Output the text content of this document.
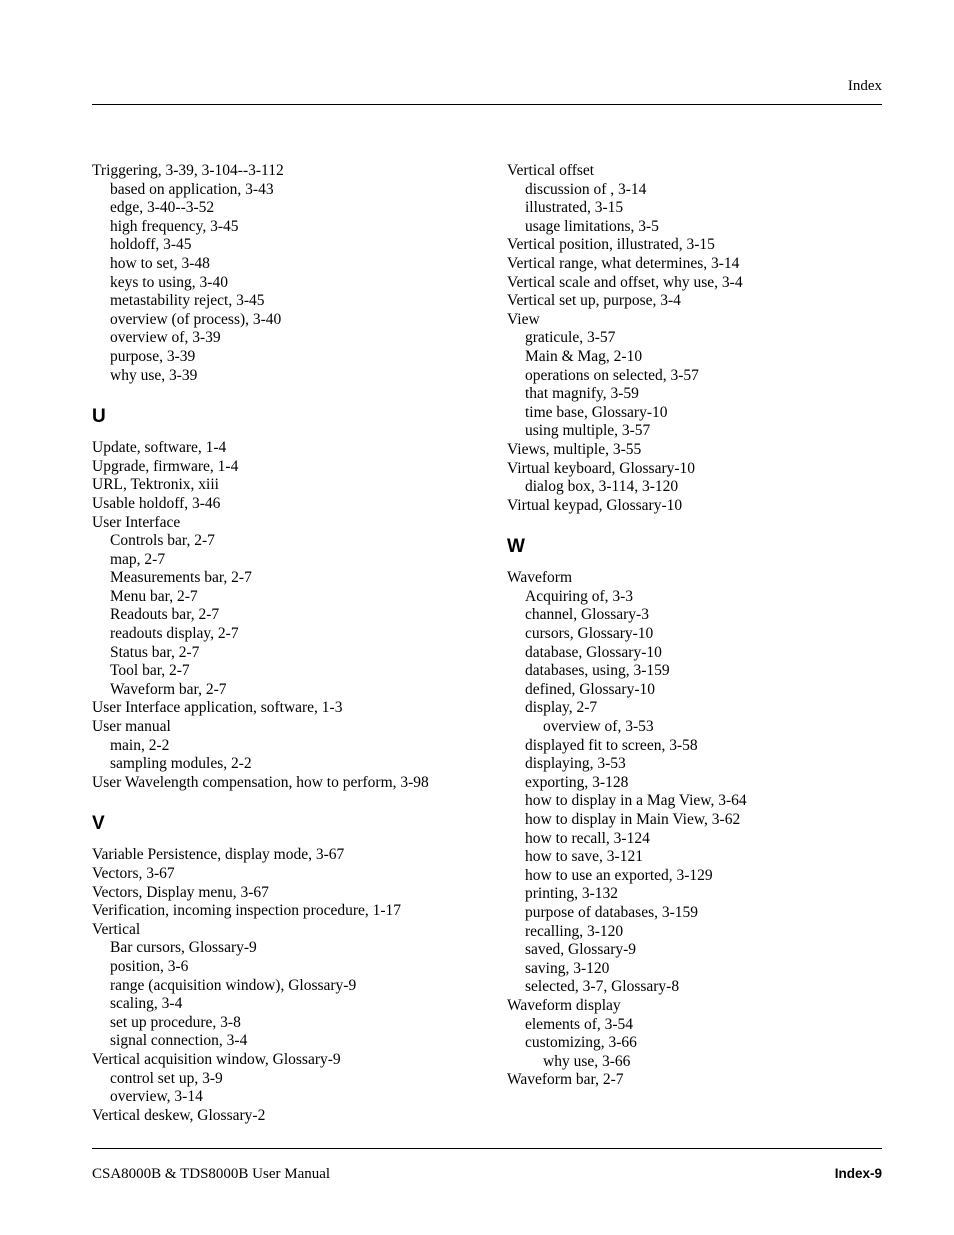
Index
Triggering, 3-39, 3-104--3-112
based on application, 3-43
edge, 3-40--3-52
high frequency, 3-45
holdoff, 3-45
how to set, 3-48
keys to using, 3-40
metastability reject, 3-45
overview (of process), 3-40
overview of, 3-39
purpose, 3-39
why use, 3-39
U
Update, software, 1-4
Upgrade, firmware, 1-4
URL, Tektronix, xiii
Usable holdoff, 3-46
User Interface
Controls bar, 2-7
map, 2-7
Measurements bar, 2-7
Menu bar, 2-7
Readouts bar, 2-7
readouts display, 2-7
Status bar, 2-7
Tool bar, 2-7
Waveform bar, 2-7
User Interface application, software, 1-3
User manual
main, 2-2
sampling modules, 2-2
User Wavelength compensation, how to perform, 3-98
V
Variable Persistence, display mode, 3-67
Vectors, 3-67
Vectors, Display menu, 3-67
Verification, incoming inspection procedure, 1-17
Vertical
Bar cursors, Glossary-9
position, 3-6
range (acquisition window), Glossary-9
scaling, 3-4
set up procedure, 3-8
signal connection, 3-4
Vertical acquisition window, Glossary-9
control set up, 3-9
overview, 3-14
Vertical deskew, Glossary-2
Vertical offset
discussion of , 3-14
illustrated, 3-15
usage limitations, 3-5
Vertical position, illustrated, 3-15
Vertical range, what determines, 3-14
Vertical scale and offset, why use, 3-4
Vertical set up, purpose, 3-4
View
graticule, 3-57
Main & Mag, 2-10
operations on selected, 3-57
that magnify, 3-59
time base, Glossary-10
using multiple, 3-57
Views, multiple, 3-55
Virtual keyboard, Glossary-10
dialog box, 3-114, 3-120
Virtual keypad, Glossary-10
W
Waveform
Acquiring of, 3-3
channel, Glossary-3
cursors, Glossary-10
database, Glossary-10
databases, using, 3-159
defined, Glossary-10
display, 2-7
overview of, 3-53
displayed fit to screen, 3-58
displaying, 3-53
exporting, 3-128
how to display in a Mag View, 3-64
how to display in Main View, 3-62
how to recall, 3-124
how to save, 3-121
how to use an exported, 3-129
printing, 3-132
purpose of databases, 3-159
recalling, 3-120
saved, Glossary-9
saving, 3-120
selected, 3-7, Glossary-8
Waveform display
elements of, 3-54
customizing, 3-66
why use, 3-66
Waveform bar, 2-7
CSA8000B & TDS8000B User Manual	Index-9
